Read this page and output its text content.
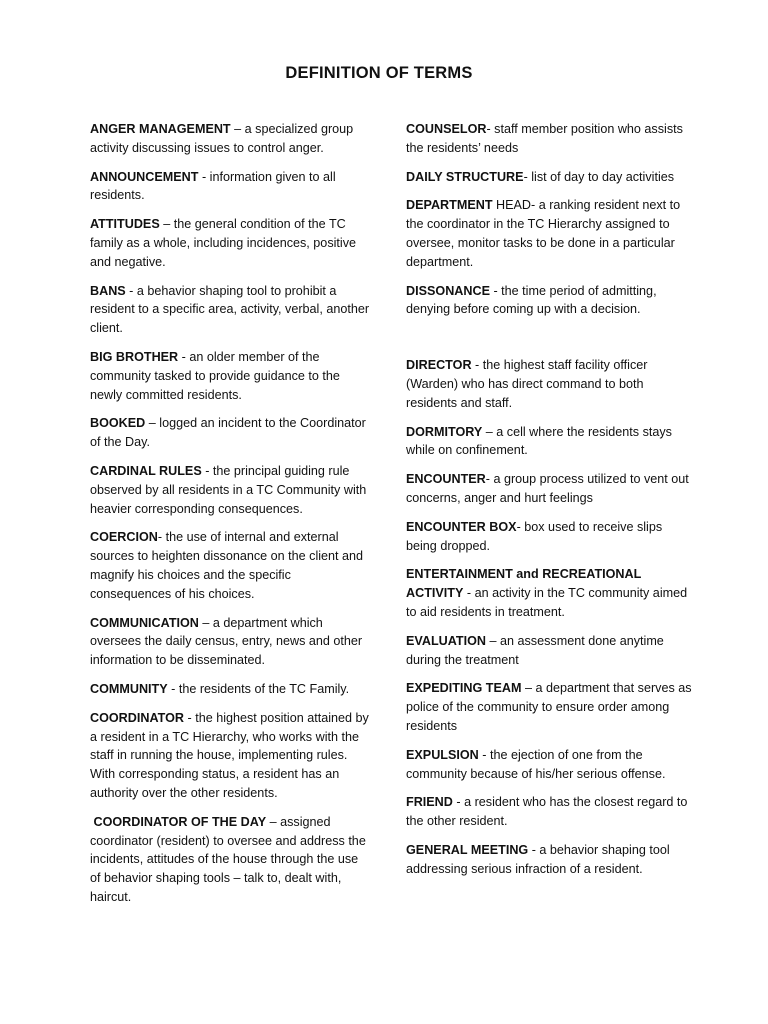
DEFINITION OF TERMS

ANGER MANAGEMENT – a specialized group activity discussing issues to control anger.

ANNOUNCEMENT - information given to all residents.

ATTITUDES – the general condition of the TC family as a whole, including incidences, positive and negative.

BANS - a behavior shaping tool to prohibit a resident to a specific area, activity, verbal, another client.

BIG BROTHER - an older member of the community tasked to provide guidance to the newly committed residents.

BOOKED – logged an incident to the Coordinator of the Day.

CARDINAL RULES - the principal guiding rule observed by all residents in a TC Community with heavier corresponding consequences.

COERCION- the use of internal and external sources to heighten dissonance on the client and magnify his choices and the specific consequences of his choices.

COMMUNICATION – a department which oversees the daily census, entry, news and other information to be disseminated.

COMMUNITY - the residents of the TC Family.

COORDINATOR - the highest position attained by a resident in a TC Hierarchy, who works with the staff in running the house, implementing rules. With corresponding status, a resident has an authority over the other residents.

COORDINATOR OF THE DAY – assigned coordinator (resident) to oversee and address the incidents, attitudes of the house through the use of behavior shaping tools – talk to, dealt with, haircut.

COUNSELOR- staff member position who assists the residents’ needs

DAILY STRUCTURE- list of day to day activities

DEPARTMENT HEAD- a ranking resident next to the coordinator in the TC Hierarchy assigned to oversee, monitor tasks to be done in a particular department.

DISSONANCE - the time period of admitting, denying before coming up with a decision.

DIRECTOR - the highest staff facility officer (Warden) who has direct command to both residents and staff.

DORMITORY – a cell where the residents stays while on confinement.

ENCOUNTER- a group process utilized to vent out concerns, anger and hurt feelings

ENCOUNTER BOX- box used to receive slips being dropped.

ENTERTAINMENT and RECREATIONAL ACTIVITY - an activity in the TC community aimed to aid residents in treatment.

EVALUATION – an assessment done anytime during the treatment

EXPEDITING TEAM – a department that serves as police of the community to ensure order among residents

EXPULSION - the ejection of one from the community because of his/her serious offense.

FRIEND - a resident who has the closest regard to the other resident.

GENERAL MEETING - a behavior shaping tool addressing serious infraction of a resident.
